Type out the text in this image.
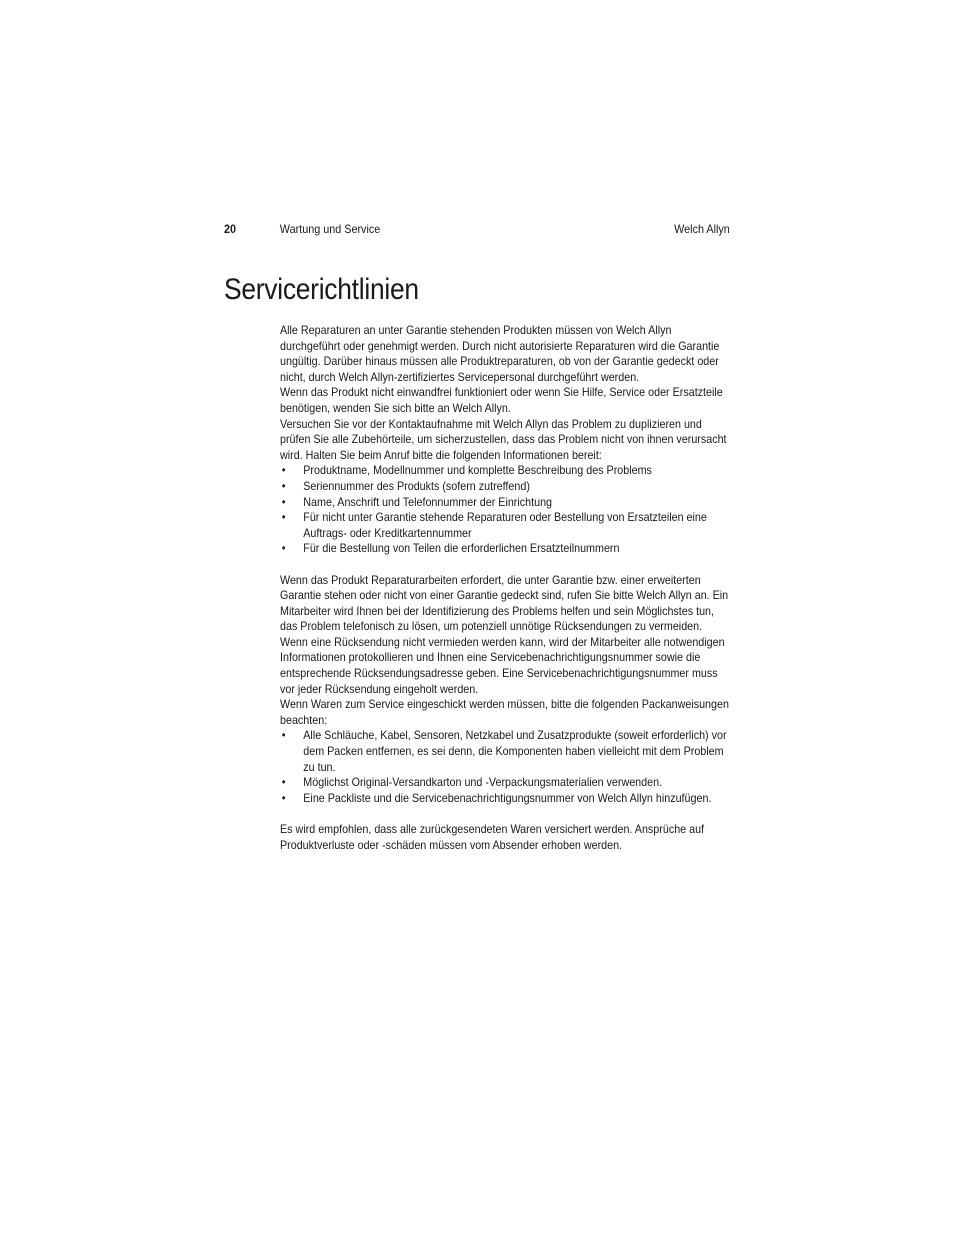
20	Wartung und Service	Welch Allyn
Servicerichtlinien

Alle Reparaturen an unter Garantie stehenden Produkten müssen von Welch Allyn durchgeführt oder genehmigt werden. Durch nicht autorisierte Reparaturen wird die Garantie ungültig. Darüber hinaus müssen alle Produktreparaturen, ob von der Garantie gedeckt oder nicht, durch Welch Allyn-zertifiziertes Servicepersonal durchgeführt werden.

Wenn das Produkt nicht einwandfrei funktioniert oder wenn Sie Hilfe, Service oder Ersatzteile benötigen, wenden Sie sich bitte an Welch Allyn.

Versuchen Sie vor der Kontaktaufnahme mit Welch Allyn das Problem zu duplizieren und prüfen Sie alle Zubehörteile, um sicherzustellen, dass das Problem nicht von ihnen verursacht wird. Halten Sie beim Anruf bitte die folgenden Informationen bereit:

• Produktname, Modellnummer und komplette Beschreibung des Problems
• Seriennummer des Produkts (sofern zutreffend)
• Name, Anschrift und Telefonnummer der Einrichtung
• Für nicht unter Garantie stehende Reparaturen oder Bestellung von Ersatzteilen eine Auftrags- oder Kreditkartennummer
• Für die Bestellung von Teilen die erforderlichen Ersatzteilnummern

Wenn das Produkt Reparaturarbeiten erfordert, die unter Garantie bzw. einer erweiterten Garantie stehen oder nicht von einer Garantie gedeckt sind, rufen Sie bitte Welch Allyn an. Ein Mitarbeiter wird Ihnen bei der Identifizierung des Problems helfen und sein Möglichstes tun, das Problem telefonisch zu lösen, um potenziell unnötige Rücksendungen zu vermeiden.

Wenn eine Rücksendung nicht vermieden werden kann, wird der Mitarbeiter alle notwendigen Informationen protokollieren und Ihnen eine Servicebenachrichtigungsnummer sowie die entsprechende Rücksendungsadresse geben. Eine Servicebenachrichtigungsnummer muss vor jeder Rücksendung eingeholt werden.

Wenn Waren zum Service eingeschickt werden müssen, bitte die folgenden Packanweisungen beachten:

• Alle Schläuche, Kabel, Sensoren, Netzkabel und Zusatzprodukte (soweit erforderlich) vor dem Packen entfernen, es sei denn, die Komponenten haben vielleicht mit dem Problem zu tun.
• Möglichst Original-Versandkarton und -Verpackungsmaterialien verwenden.
• Eine Packliste und die Servicebenachrichtigungsnummer von Welch Allyn hinzufügen.

Es wird empfohlen, dass alle zurückgesendeten Waren versichert werden. Ansprüche auf Produktverluste oder -schäden müssen vom Absender erhoben werden.
